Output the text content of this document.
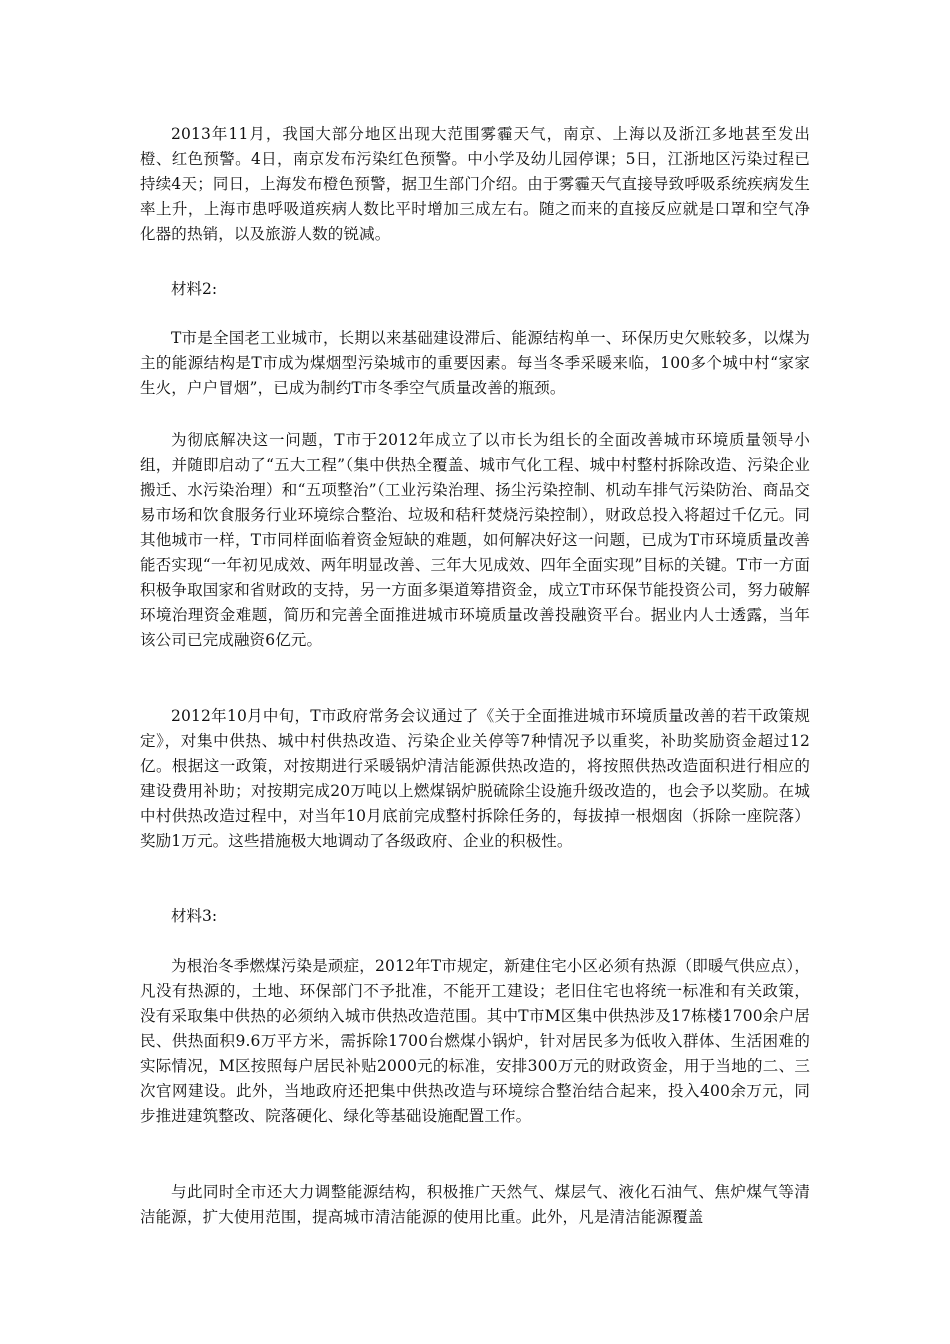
2013年11月，我国大部分地区出现大范围雾霾天气，南京、上海以及浙江多地甚至发出橙、红色预警。4日，南京发布污染红色预警。中小学及幼儿园停课；5日，江浙地区污染过程已持续4天；同日，上海发布橙色预警，据卫生部门介绍。由于雾霾天气直接导致呼吸系统疾病发生率上升，上海市患呼吸道疾病人数比平时增加三成左右。随之而来的直接反应就是口罩和空气净化器的热销，以及旅游人数的锐减。

材料2:

T市是全国老工业城市，长期以来基础建设滞后、能源结构单一、环保历史欠账较多，以煤为主的能源结构是T市成为煤烟型污染城市的重要因素。每当冬季采暖来临，100多个城中村“家家生火，户户冒烟”，已成为制约T市冬季空气质量改善的瓶颈。

为彻底解决这一问题，T市于2012年成立了以市长为组长的全面改善城市环境质量领导小组，并随即启动了“五大工程”（集中供热全覆盖、城市气化工程、城中村整村拆除改造、污染企业搬迁、水污染治理）和“五项整治”（工业污染治理、扬尘污染控制、机动车排气污染防治、商品交易市场和饮食服务行业环境综合整治、垃圾和秸秆焚烧污染控制），财政总投入将超过千亿元。同其他城市一样，T市同样面临着资金短缺的难题，如何解决好这一问题，已成为T市环境质量改善能否实现“一年初见成效、两年明显改善、三年大见成效、四年全面实现”目标的关键。T市一方面积极争取国家和省财政的支持，另一方面多渠道筹措资金，成立T市环保节能投资公司，努力破解环境治理资金难题，简历和完善全面推进城市环境质量改善投融资平台。据业内人士透露，当年该公司已完成融资6亿元。

2012年10月中旬，T市政府常务会议通过了《关于全面推进城市环境质量改善的若干政策规定》，对集中供热、城中村供热改造、污染企业关停等7种情况予以重奖，补助奖励资金超过12亿。根据这一政策，对按期进行采暖锅炉清洁能源供热改造的，将按照供热改造面积进行相应的建设费用补助；对按期完成20万吨以上燃煤锅炉脱硫除尘设施升级改造的，也会予以奖励。在城中村供热改造过程中，对当年10月底前完成整村拆除任务的，每拔掉一根烟囱（拆除一座院落）奖励1万元。这些措施极大地调动了各级政府、企业的积极性。

材料3:

为根治冬季燃煤污染是顽症，2012年T市规定，新建住宅小区必须有热源（即暖气供应点），凡没有热源的，土地、环保部门不予批准，不能开工建设；老旧住宅也将统一标准和有关政策，没有采取集中供热的必须纳入城市供热改造范围。其中T市M区集中供热涉及17栋楼1700余户居民、供热面积9.6万平方米，需拆除1700台燃煤小锅炉，针对居民多为低收入群体、生活困难的实际情况，M区按照每户居民补贴2000元的标准，安排300万元的财政资金，用于当地的二、三次官网建设。此外，当地政府还把集中供热改造与环境综合整治结合起来，投入400余万元，同步推进建筑整改、院落硬化、绿化等基础设施配置工作。

与此同时全市还大力调整能源结构，积极推广天然气、煤层气、液化石油气、焦炉煤气等清洁能源，扩大使用范围，提高城市清洁能源的使用比重。此外，凡是清洁能源覆盖
